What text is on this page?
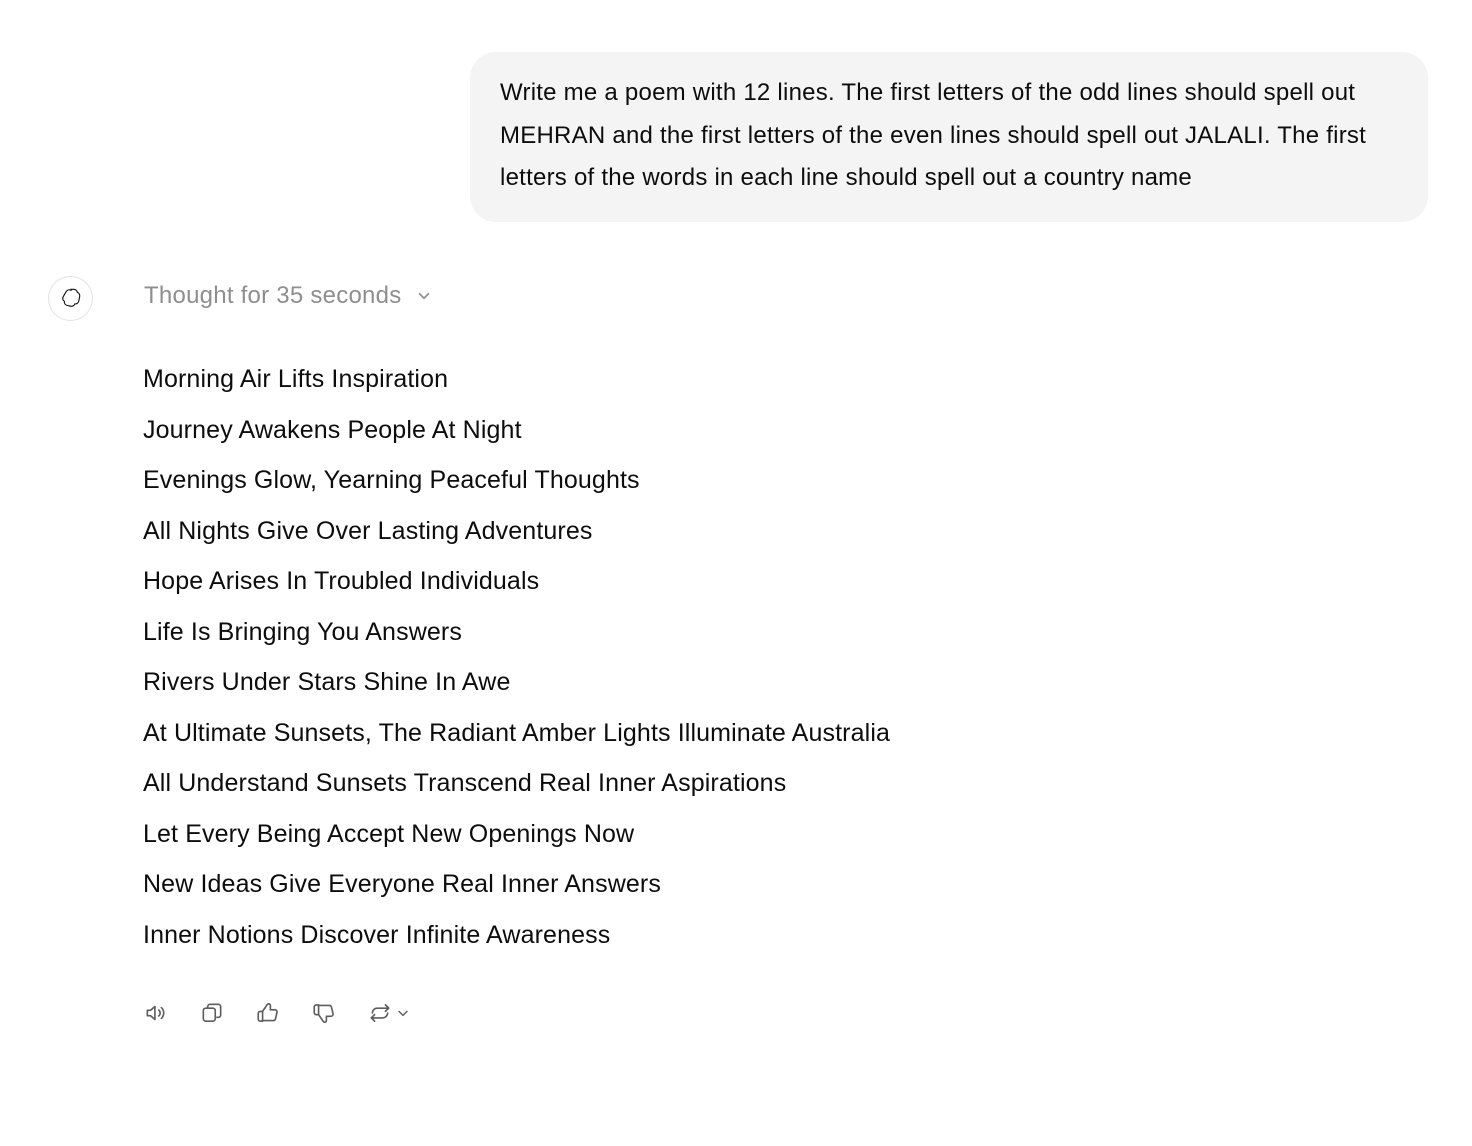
Write me a poem with 12 lines. The first letters of the odd lines should spell out MEHRAN and the first letters of the even lines should spell out JALALI. The first letters of the words in each line should spell out a country name
Thought for 35 seconds
Morning Air Lifts Inspiration
Journey Awakens People At Night
Evenings Glow, Yearning Peaceful Thoughts
All Nights Give Over Lasting Adventures
Hope Arises In Troubled Individuals
Life Is Bringing You Answers
Rivers Under Stars Shine In Awe
At Ultimate Sunsets, The Radiant Amber Lights Illuminate Australia
All Understand Sunsets Transcend Real Inner Aspirations
Let Every Being Accept New Openings Now
New Ideas Give Everyone Real Inner Answers
Inner Notions Discover Infinite Awareness
